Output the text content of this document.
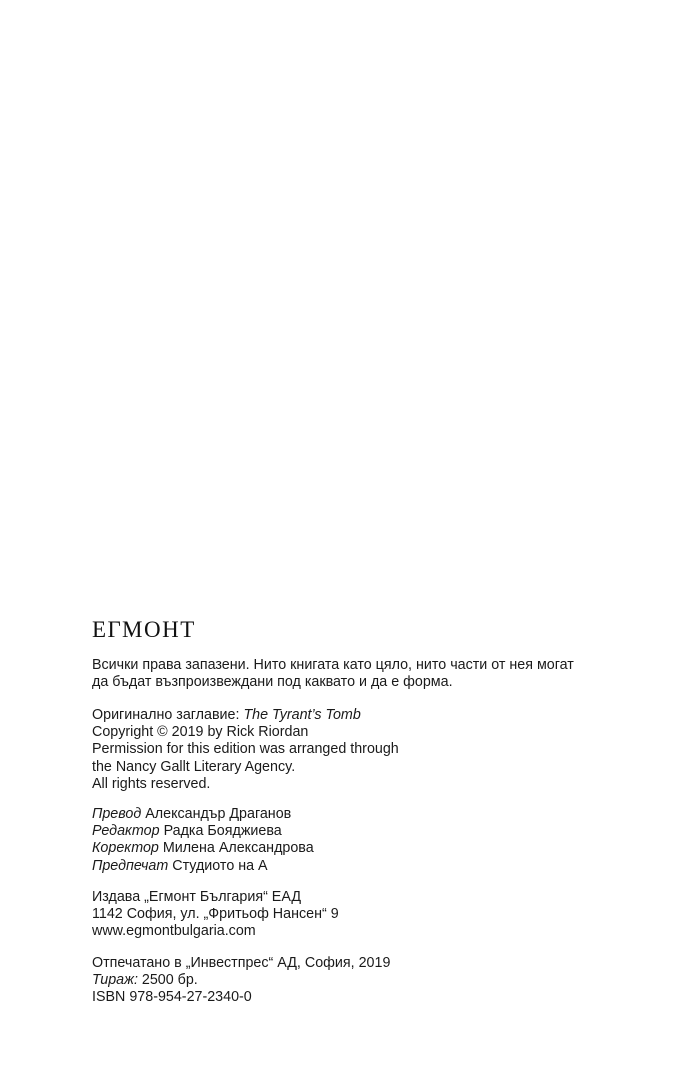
ЕГМОНТ
Всички права запазени. Нито книгата като цяло, нито части от нея могат
да бъдат възпроизвеждани под каквато и да е форма.
Оригинално заглавие: The Tyrant’s Tomb
Copyright © 2019 by Rick Riordan
Permission for this edition was arranged through
the Nancy Gallt Literary Agency.
All rights reserved.
Превод Александър Драганов
Редактор Радка Бояджиева
Коректор Милена Александрова
Предпечат Студиото на А
Издава „Егмонт България“ ЕАД
1142 София, ул. „Фритьоф Нансен“ 9
www.egmontbulgaria.com
Отпечатано в „Инвестпрес“ АД, София, 2019
Тираж: 2500 бр.
ISBN 978-954-27-2340-0
